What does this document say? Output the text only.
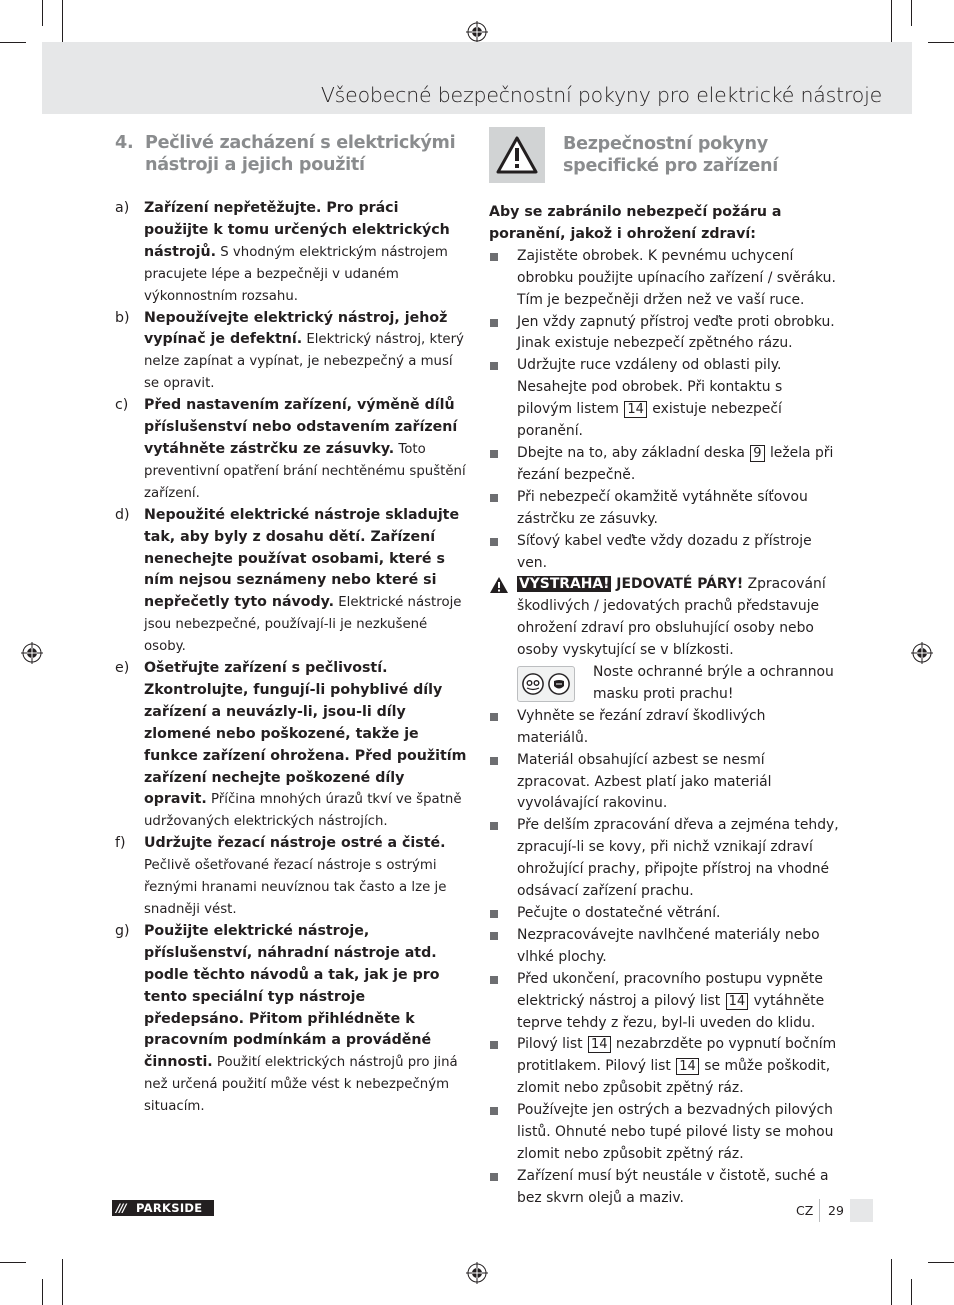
Všeobecné bezpečnostní pokyny pro elektrické nástroje
4. Pečlivé zacházení s elektrickými nástroji a jejich použití
a)	Zařízení nepřetěžujte. Pro práci použijte k tomu určených elektrických nástrojů. S vhodným elektrickým nástrojem pracujete lépe a bezpečněji v udaném výkonnostním rozsahu.
b)	Nepoužívejte elektrický nástroj, jehož vypínač je defektní. Elektrický nástroj, který nelze zapínat a vypínat, je nebezpečný a musí se opravit.
c)	Před nastavením zařízení, výměně dílů příslušenství nebo odstavením zařízení vytáhněte zástrčku ze zásuvky. Toto preventivní opatření brání nechtěnému spuštění zařízení.
d)	Nepoužité elektrické nástroje skladujte tak, aby byly z dosahu dětí. Zařízení nenechejte používat osobami, které s ním nejsou seznámeny nebo které si nepřečetly tyto návody. Elektrické nástroje jsou nebezpečné, používají-li je nezkušené osoby.
e)	Ošetřujte zařízení s pečlivostí. Zkontrolujte, fungují-li pohyblivé díly zařízení a neuvázly-li, jsou-li díly zlomené nebo poškozené, takže je funkce zařízení ohrožena. Před použitím zařízení nechejte poškozené díly opravit. Příčina mnohých úrazů tkví ve špatně udržovaných elektrických nástrojích.
f)	Udržujte řezací nástroje ostré a čisté. Pečlivě ošetřované řezací nástroje s ostrými řeznými hranami neuvíznou tak často a lze je snadněji vést.
g)	Použijte elektrické nástroje, příslušenství, náhradní nástroje atd. podle těchto návodů a tak, jak je pro tento speciální typ nástroje předepsáno. Přitom přihlédněte k pracovním podmínkám a prováděné činnosti. Použití elektrických nástrojů pro jiná než určená použití může vést k nebezpečným situacím.
Bezpečnostní pokyny specifické pro zařízení
Aby se zabránilo nebezpečí požáru a poranění, jakož i ohrožení zdraví:
Zajistěte obrobek. K pevnému uchycení obrobku použijte upínacího zařízení / svěráku. Tím je bezpečněji držen než ve vaší ruce.
Jen vždy zapnutý přístroj veďte proti obrobku. Jinak existuje nebezpečí zpětného rázu.
Udržujte ruce vzdáleny od oblasti pily. Nesahejte pod obrobek. Při kontaktu s pilovým listem 14 existuje nebezpečí poranění.
Dbejte na to, aby základní deska 9 ležela při řezání bezpečně.
Při nebezpečí okamžitě vytáhněte síťovou zástrčku ze zásuvky.
Síťový kabel veďte vždy dozadu z přístroje ven.
VÝSTRAHA! JEDOVATÉ PÁRY! Zpracování škodlivých / jedovatých prachů představuje ohrožení zdraví pro obsluhující osoby nebo osoby vyskytující se v blízkosti.
Noste ochranné brýle a ochrannou masku proti prachu!
Vyhněte se řezání zdraví škodlivých materiálů.
Materiál obsahující azbest se nesmí zpracovat. Azbest platí jako materiál vyvolávající rakovinu.
Pře delším zpracování dřeva a zejména tehdy, zpracují-li se kovy, při nichž vznikají zdraví ohrožující prachy, připojte přístroj na vhodné odsávací zařízení prachu.
Pečujte o dostatečné větrání.
Nezpracovávejte navlhčené materiály nebo vlhké plochy.
Před ukončení, pracovního postupu vypněte elektrický nástroj a pilový list 14 vytáhněte teprve tehdy z řezu, byl-li uveden do klidu.
Pilový list 14 nezabrzděte po vypnutí bočním protitlakem. Pilový list 14 se může poškodit, zlomit nebo způsobit zpětný ráz.
Používejte jen ostrých a bezvadných pilových listů. Ohnuté nebo tupé pilové listy se mohou zlomit nebo způsobit zpětný ráz.
Zařízení musí být neustále v čistotě, suché a bez skvrn olejů a maziv.
/// PARKSIDE	CZ 29
